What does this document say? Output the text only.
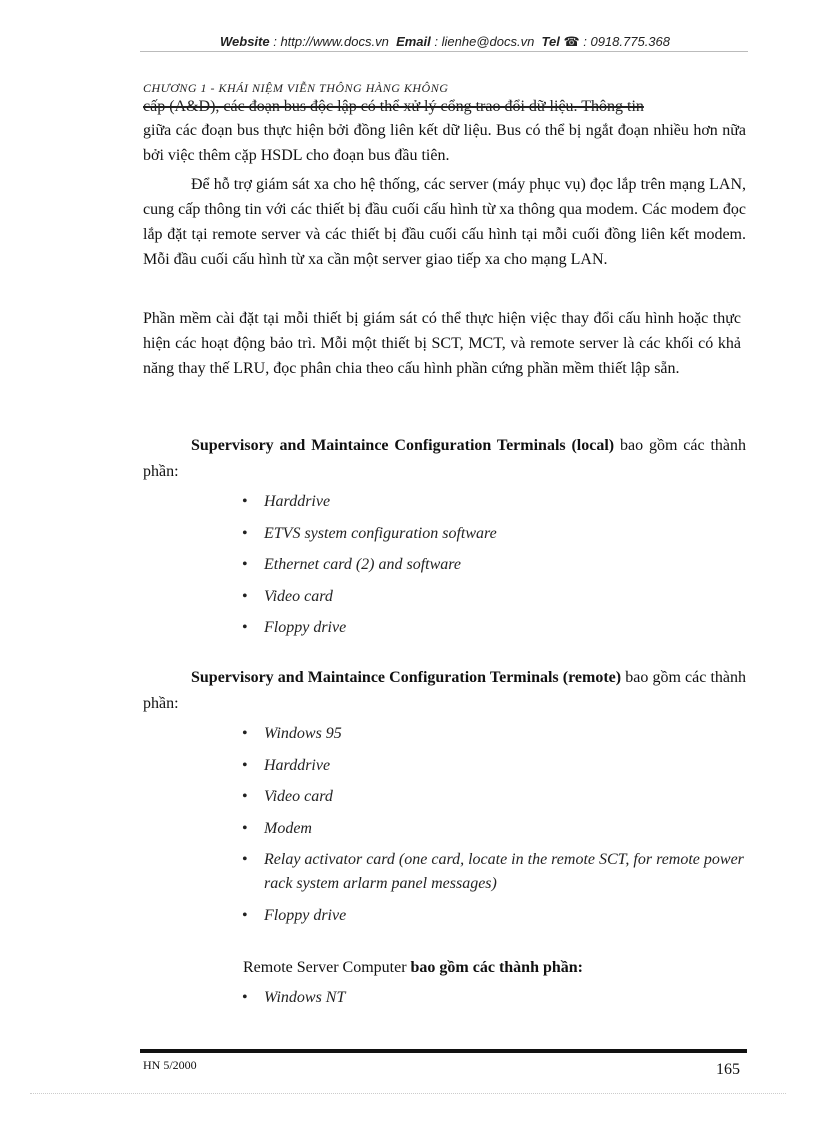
Website : http://www.docs.vn Email : lienhe@docs.vn Tel ☎ : 0918.775.368
CHƯƠNG 1 - KHÁI NIỆM VIỄN THÔNG HÀNG KHÔNG
cấp (A&D), các đoạn bus độc lập có thể xử lý cổng trao đổi dữ liệu. Thông tin
giữa các đoạn bus thực hiện bởi đồng liên kết dữ liệu. Bus có thể bị ngắt đoạn nhiều hơn nữa bởi việc thêm cặp HSDL cho đoạn bus đầu tiên.
Để hỗ trợ giám sát xa cho hệ thống, các server (máy phục vụ) đọc lắp trên mạng LAN, cung cấp thông tin với các thiết bị đầu cuối cấu hình từ xa thông qua modem. Các modem đọc lắp đặt tại remote server và các thiết bị đầu cuối cấu hình tại mỗi cuối đồng liên kết modem. Mỗi đầu cuối cấu hình từ xa cần một server giao tiếp xa cho mạng LAN.
Phần mềm cài đặt tại mỗi thiết bị giám sát có thể thực hiện việc thay đổi cấu hình hoặc thực hiện các hoạt động bảo trì. Mỗi một thiết bị SCT, MCT, và remote server là các khối có khả năng thay thế LRU, đọc phân chia theo cấu hình phần cứng phần mềm thiết lập sẵn.
Supervisory and Maintaince Configuration Terminals (local) bao gồm các thành phần:
• Harddrive
• ETVS system configuration software
• Ethernet card (2) and software
• Video card
• Floppy drive
Supervisory and Maintaince Configuration Terminals (remote) bao gồm các thành phần:
• Windows 95
• Harddrive
• Video card
• Modem
• Relay activator card (one card, locate in the remote SCT, for remote power rack system arlarm panel messages)
• Floppy drive
Remote Server Computer bao gồm các thành phần:
• Windows NT
HN 5/2000	165
